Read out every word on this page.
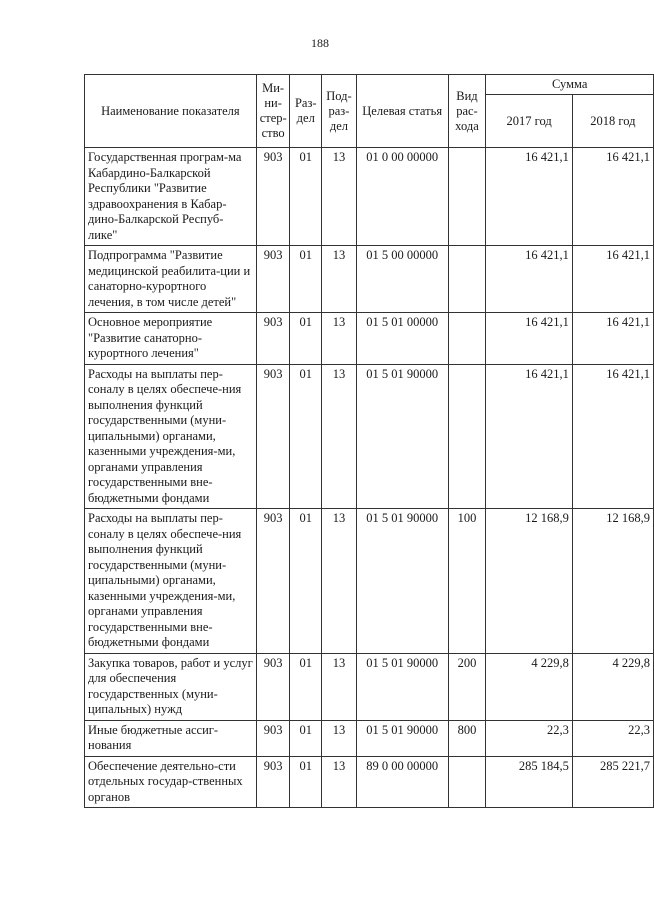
188
Наименование показателя	Ми-ни-стер-ство	Раз-дел	Под-раз-дел	Целевая статья	Вид рас-хода	Сумма	
						2017 год	2018 год
Государственная програм-ма Кабардино-Балкарской Республики "Развитие здравоохранения в Кабар-дино-Балкарской Респуб-лике"	903	01	13	01 0 00 00000		16 421,1	16 421,1
Подпрограмма "Развитие медицинской реабилита-ции и санаторно-курортного лечения, в том числе детей"	903	01	13	01 5 00 00000		16 421,1	16 421,1
Основное мероприятие "Развитие санаторно-курортного лечения"	903	01	13	01 5 01 00000		16 421,1	16 421,1
Расходы на выплаты пер-соналу в целях обеспече-ния выполнения функций государственными (муни-ципальными) органами, казенными учреждения-ми, органами управления государственными вне-бюджетными фондами	903	01	13	01 5 01 90000		16 421,1	16 421,1
Расходы на выплаты пер-соналу в целях обеспече-ния выполнения функций государственными (муни-ципальными) органами, казенными учреждения-ми, органами управления государственными вне-бюджетными фондами	903	01	13	01 5 01 90000	100	12 168,9	12 168,9
Закупка товаров, работ и услуг для обеспечения государственных (муни-ципальных) нужд	903	01	13	01 5 01 90000	200	4 229,8	4 229,8
Иные бюджетные ассиг-нования	903	01	13	01 5 01 90000	800	22,3	22,3
Обеспечение деятельно-сти отдельных государ-ственных органов	903	01	13	89 0 00 00000		285 184,5	285 221,7
